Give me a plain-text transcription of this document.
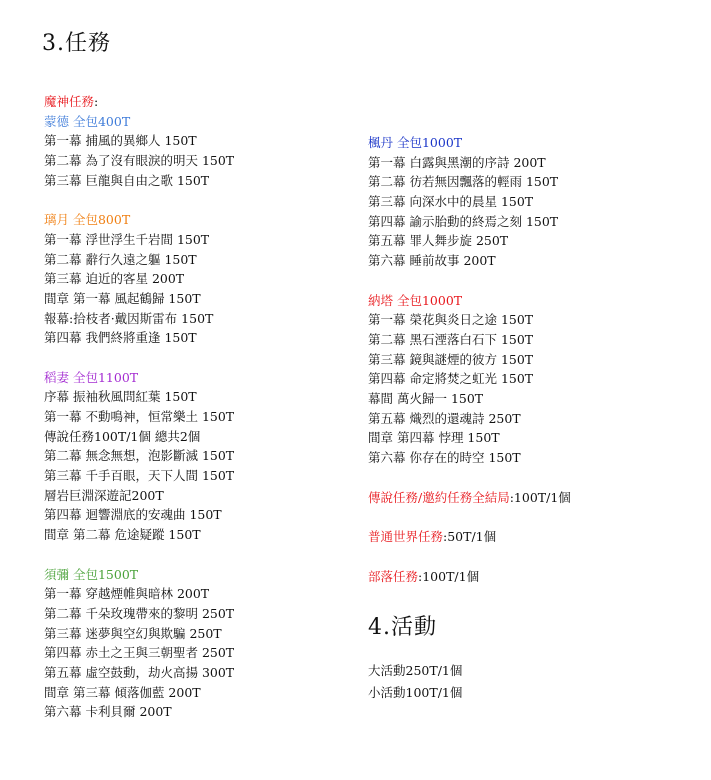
3.任務
魔神任務:
蒙德 全包400T
第一幕 捕風的異鄉人 150T
第二幕 為了沒有眼淚的明天 150T
第三幕 巨龍與自由之歌 150T
璃月 全包800T
第一幕 浮世浮生千岩間 150T
第二幕 辭行久遠之軀 150T
第三幕 迫近的客星 200T
間章 第一幕 風起鶴歸 150T
報幕:拾枝者·戴因斯雷布 150T
第四幕 我們終將重逢 150T
稻妻 全包1100T
序幕 振袖秋風問紅葉 150T
第一幕 不動鳴神，恒常樂土 150T
傳說任務100T/1個 總共2個
第二幕 無念無想，泡影斷滅 150T
第三幕 千手百眼，天下人間 150T
層岩巨淵深遊記200T
第四幕 迴響淵底的安魂曲 150T
間章 第二幕 危途疑蹤 150T
須彌 全包1500T
第一幕 穿越煙帷與暗林 200T
第二幕 千朵玫瑰帶來的黎明 250T
第三幕 迷夢與空幻與欺騙 250T
第四幕 赤土之王與三朝聖者 250T
第五幕 虛空鼓動，劫火高揚 300T
間章 第三幕 傾落伽藍 200T
第六幕 卡利貝爾 200T
楓丹 全包1000T
第一幕 白露與黑潮的序詩 200T
第二幕 彷若無因飄落的輕雨 150T
第三幕 向深水中的晨星 150T
第四幕 諭示胎動的終焉之刻 150T
第五幕 罪人舞步旋 250T
第六幕 睡前故事 200T
納塔 全包1000T
第一幕 榮花與炎日之途 150T
第二幕 黑石湮落白石下 150T
第三幕 鏡與謎煙的彼方 150T
第四幕 命定將焚之虹光 150T
幕間 萬火歸一 150T
第五幕 熾烈的還魂詩 250T
間章 第四幕 悖理 150T
第六幕 你存在的時空 150T
傳說任務/邀約任務全結局:100T/1個
普通世界任務:50T/1個
部落任務:100T/1個
4.活動
大活動250T/1個
小活動100T/1個
